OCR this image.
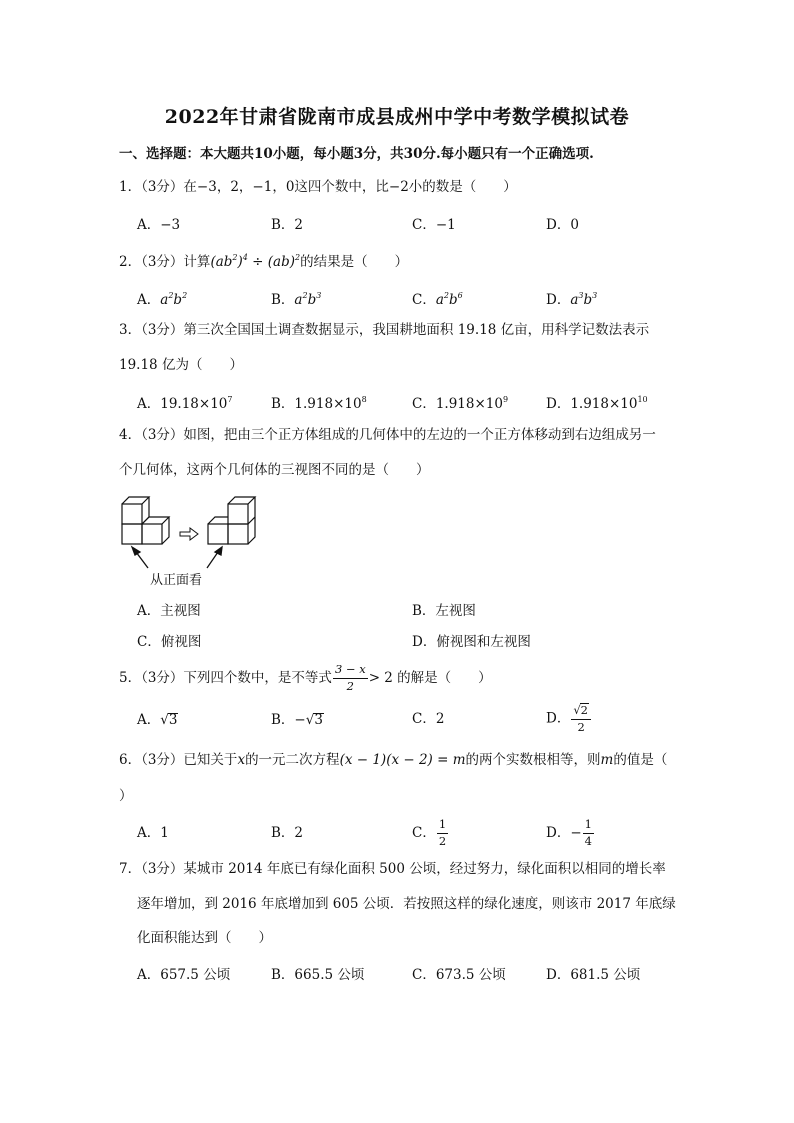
2022年甘肃省陇南市成县成州中学中考数学模拟试卷
一、选择题：本大题共10小题，每小题3分，共30分.每小题只有一个正确选项.
1．（3分）在−3，2，−1，0这四个数中，比−2小的数是（　　）
A．−3	B．2	C．−1	D．0
2．（3分）计算$(ab^2)^4 \div (ab)^2$的结果是（　　）
A．$a^2b^2$	B．$a^2b^3$	C．$a^2b^6$	D．$a^3b^3$
3．（3分）第三次全国国土调查数据显示，我国耕地面积 19.18 亿亩，用科学记数法表示
19.18 亿为（　　）
A．$19.18\times 10^7$	B．$1.918\times 10^8$	C．$1.918\times 10^9$	D．$1.918\times 10^{10}$
4．（3分）如图，把由三个正方体组成的几何体中的左边的一个正方体移动到右边组成另一
个几何体，这两个几何体的三视图不同的是（　　）
从正面看
A．主视图	B．左视图
C．俯视图	D．俯视图和左视图
5．（3分）下列四个数中，是不等式 $\frac{3 - x}{2} > 2$ 的解是（　　）
A．√3	B．−√3	C．2	D． $\frac{√2}{2}$
6．（3分）已知关于x的一元二次方程(x − 1)(x − 2) = m的两个实数根相等，则m的值是（
）
A．1	B．2	C． $\frac{1}{2}$	D．− $\frac{1}{4}$
7．（3分）某城市 2014 年底已有绿化面积 500 公顷，经过努力，绿化面积以相同的增长率
逐年增加，到 2016 年底增加到 605 公顷．若按照这样的绿化速度，则该市 2017 年底绿
化面积能达到（　　）
A．657.5 公顷	B．665.5 公顷	C．673.5 公顷	D．681.5 公顷
